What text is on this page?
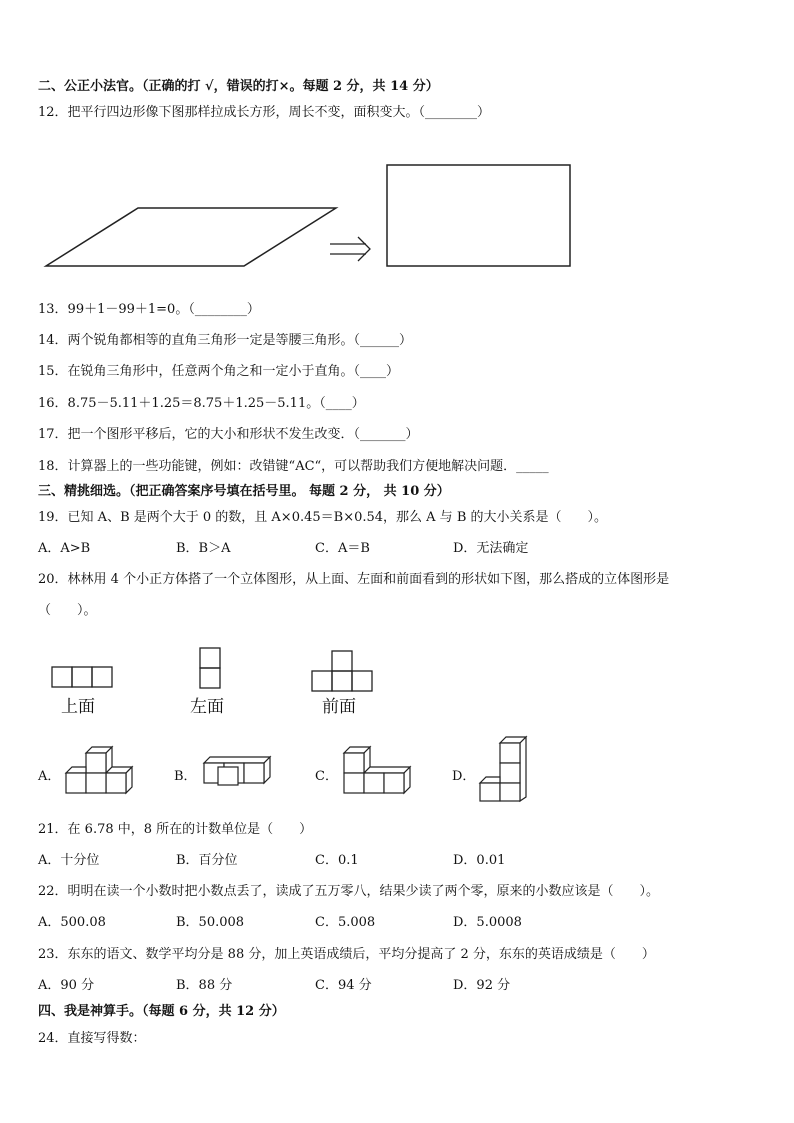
二、公正小法官。（正确的打 √，错误的打×。每题 2 分，共 14 分）
12．把平行四边形像下图那样拉成长方形，周长不变，面积变大。（________）
13．99＋1－99＋1=0。（________）
14．两个锐角都相等的直角三角形一定是等腰三角形。（______）
15．在锐角三角形中，任意两个角之和一定小于直角。（____）
16．8.75－5.11＋1.25＝8.75＋1.25－5.11。（____）
17．把一个图形平移后，它的大小和形状不发生改变．（_______）
18．计算器上的一些功能键，例如：改错键“AC“，可以帮助我们方便地解决问题．_____
三、精挑细选。（把正确答案序号填在括号里。 每题 2 分， 共 10 分）
19．已知 A、B 是两个大于 0 的数，且 A×0.45＝B×0.54，那么 A 与 B 的大小关系是（　　）。
A．A>B	B．B＞A	C．A＝B	D．无法确定
20．林林用 4 个小正方体搭了一个立体图形，从上面、左面和前面看到的形状如下图，那么搭成的立体图形是
（　　）。
上面	左面	前面
A．	B．	C．	D．
21．在 6.78 中，8 所在的计数单位是（　　）
A．十分位	B．百分位	C．0.1	D．0.01
22．明明在读一个小数时把小数点丢了，读成了五万零八，结果少读了两个零，原来的小数应该是（　　）。
A．500.08	B．50.008	C．5.008	D．5.0008
23．东东的语文、数学平均分是 88 分，加上英语成绩后，平均分提高了 2 分，东东的英语成绩是（　　）
A．90 分	B．88 分	C．94 分	D．92 分
四、我是神算手。（每题 6 分，共 12 分）
24．直接写得数：
